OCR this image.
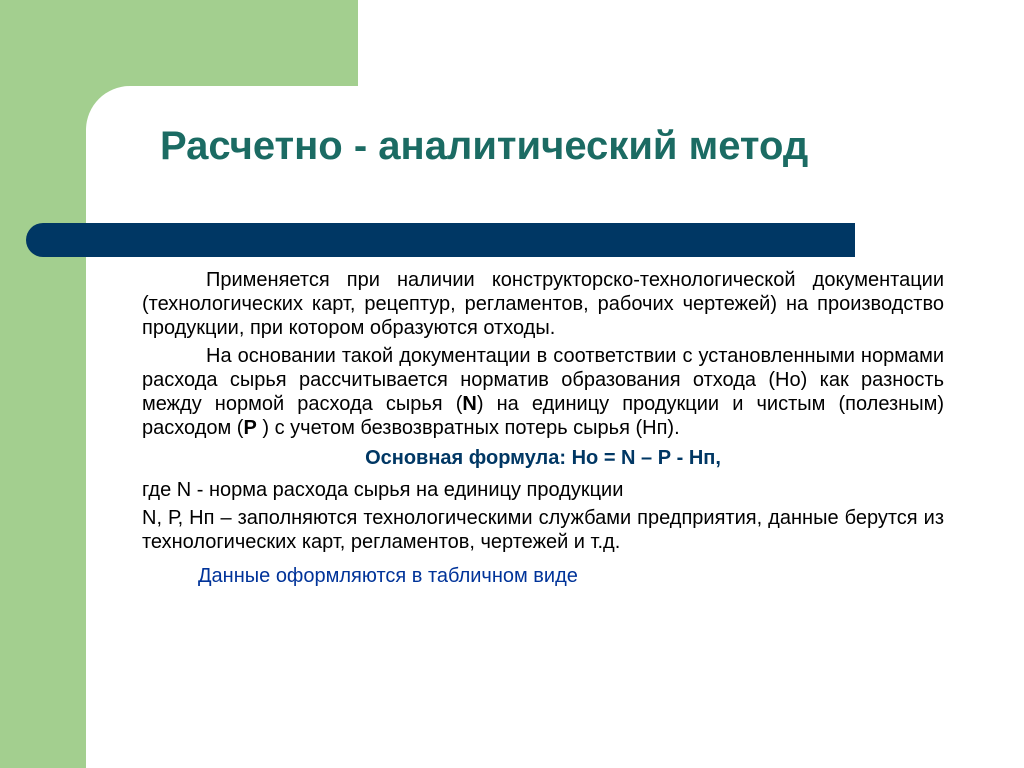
Расчетно - аналитический метод

Применяется при наличии конструкторско-технологической документации (технологических карт, рецептур, регламентов, рабочих чертежей) на производство продукции, при котором образуются отходы.

На основании такой документации в соответствии с установленными нормами расхода сырья рассчитывается норматив образования отхода (Но) как разность между нормой расхода сырья (N) на единицу продукции и чистым (полезным) расходом (Р ) с учетом безвозвратных потерь сырья (Нп).

Основная формула: Но = N – Р - Нп,

где N - норма расхода сырья на единицу продукции

N, Р, Нп – заполняются технологическими службами предприятия, данные берутся из технологических карт, регламентов, чертежей и т.д.

Данные оформляются в табличном виде
